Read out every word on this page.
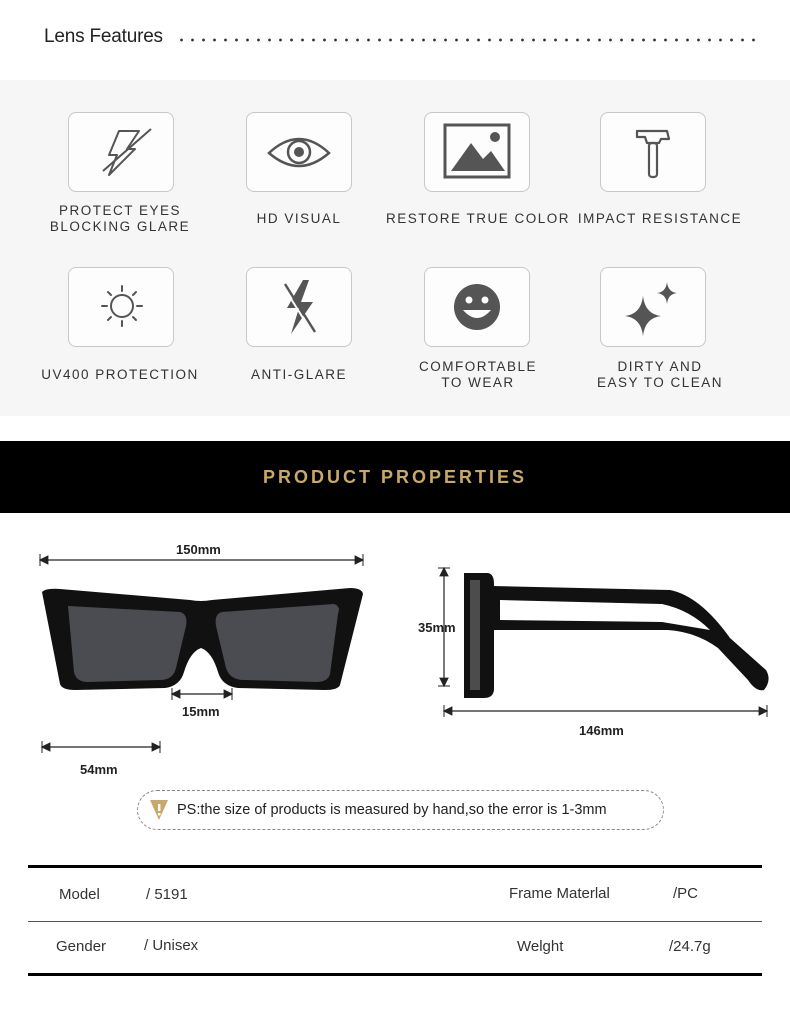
Lens Features
PROTECT EYES
BLOCKING GLARE
HD VISUAL	RESTORE TRUE COLOR IMPACT RESISTANCE
UV400 PROTECTION	ANTI-GLARE
COMFORTABLE
TO WEAR
DIRTY AND
EASY TO CLEAN
PRODUCT PROPERTIES
150mm
15mm
54mm
35mm
146mm
PS:the size of products is measured by hand,so the error is 1-3mm
Model	/ 5191	Frame Materlal	/PC
Gender	/ Unisex	Welght	/24.7g
